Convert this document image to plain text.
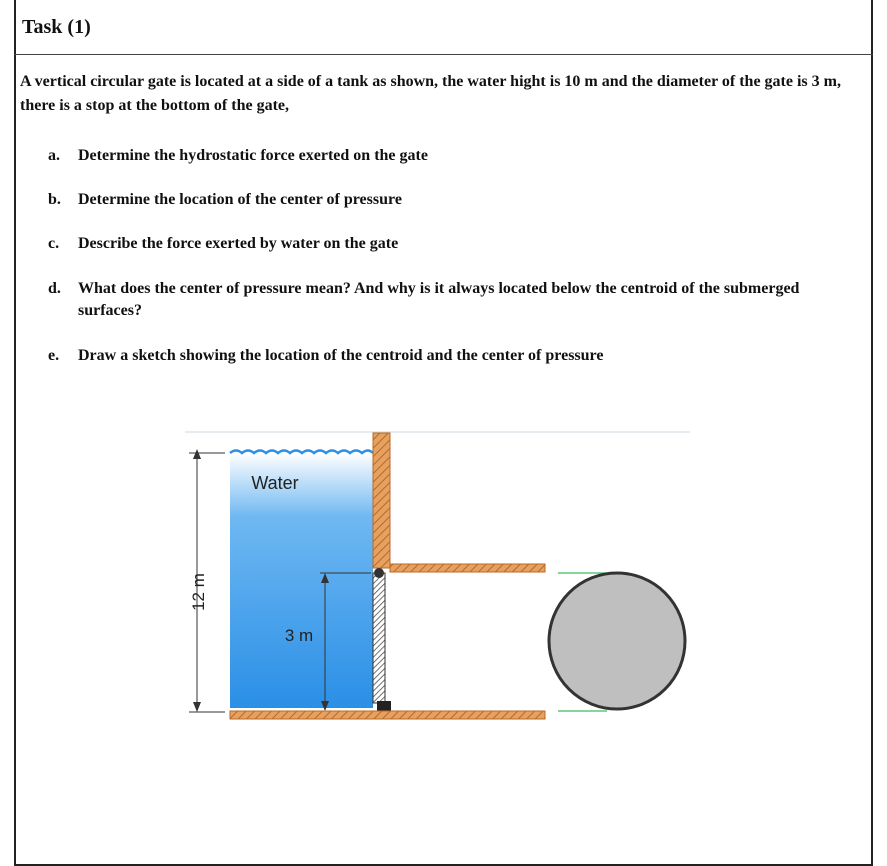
Task (1)
A vertical circular gate is located at a side of a tank as shown, the water hight is 10 m and the diameter of the gate is 3 m, there is a stop at the bottom of the gate,
a.	Determine the hydrostatic force exerted on the gate
b.	Determine the location of the center of pressure
c.	Describe the force exerted by water on the gate
d.	What does the center of pressure mean? And why is it always located below the centroid of the submerged surfaces?
e.	Draw a sketch showing the location of the centroid and the center of pressure
12 m
3 m
Water
